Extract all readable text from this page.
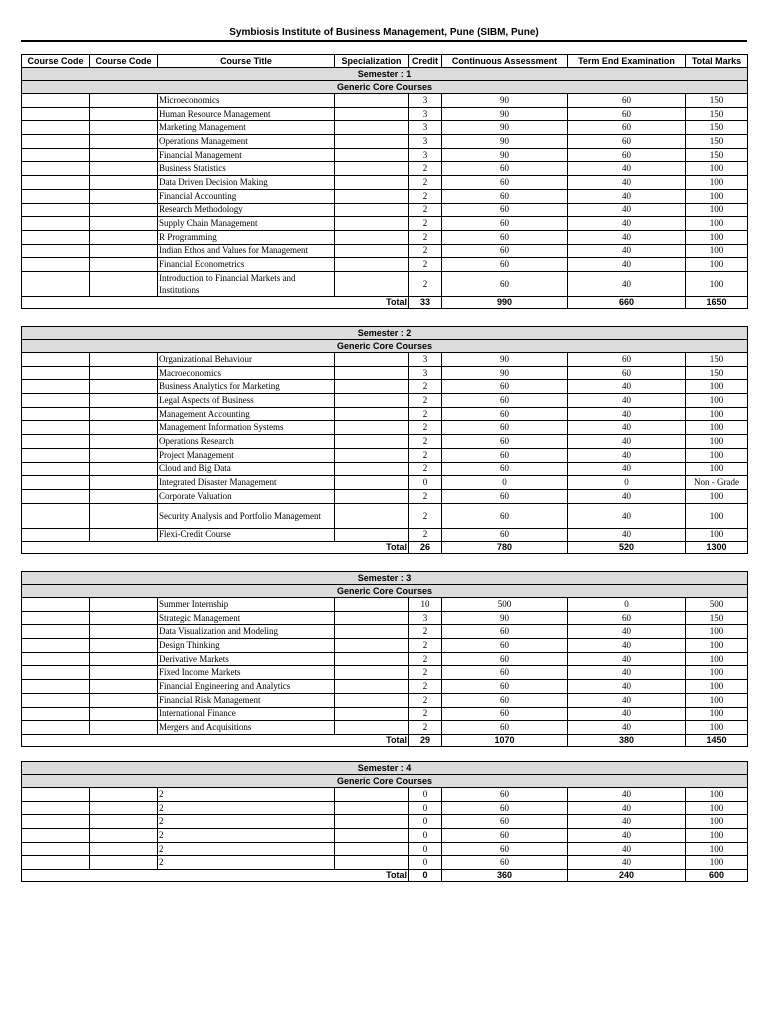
Symbiosis Institute of Business Management, Pune (SIBM, Pune)
Course Code	Course Code	Course Title	Specialization	Credit	Continuous Assessment	Term End Examination	Total Marks
Semester : 1							
Generic Core Courses							
		Microeconomics		3	90	60	150
		Human Resource Management		3	90	60	150
		Marketing Management		3	90	60	150
		Operations Management		3	90	60	150
		Financial Management		3	90	60	150
		Business Statistics		2	60	40	100
		Data Driven Decision Making		2	60	40	100
		Financial Accounting		2	60	40	100
		Research Methodology		2	60	40	100
		Supply Chain Management		2	60	40	100
		R Programming		2	60	40	100
		Indian Ethos and Values for Management		2	60	40	100
		Financial Econometrics		2	60	40	100
		Introduction to Financial Markets and Institutions		2	60	40	100
Total				33	990	660	1650
Semester : 2							
Generic Core Courses							
		Organizational Behaviour		3	90	60	150
		Macroeconomics		3	90	60	150
		Business Analytics for Marketing		2	60	40	100
		Legal Aspects of Business		2	60	40	100
		Management Accounting		2	60	40	100
		Management Information Systems		2	60	40	100
		Operations Research		2	60	40	100
		Project Management		2	60	40	100
		Cloud and Big Data		2	60	40	100
		Integrated Disaster Management		0	0	0	Non - Grade
		Corporate Valuation		2	60	40	100
		Security Analysis and Portfolio Management		2	60	40	100
		Flexi-Credit Course		2	60	40	100
Total				26	780	520	1300
Semester : 3							
Generic Core Courses							
		Summer Internship		10	500	0	500
		Strategic Management		3	90	60	150
		Data Visualization and Modeling		2	60	40	100
		Design Thinking		2	60	40	100
		Derivative Markets		2	60	40	100
		Fixed Income Markets		2	60	40	100
		Financial Engineering and Analytics		2	60	40	100
		Financial Risk Management		2	60	40	100
		International Finance		2	60	40	100
		Mergers and Acquisitions		2	60	40	100
Total				29	1070	380	1450
Semester : 4							
Generic Core Courses							
		2		0	60	40	100
		2		0	60	40	100
		2		0	60	40	100
		2		0	60	40	100
		2		0	60	40	100
		2		0	60	40	100
Total				0	360	240	600
